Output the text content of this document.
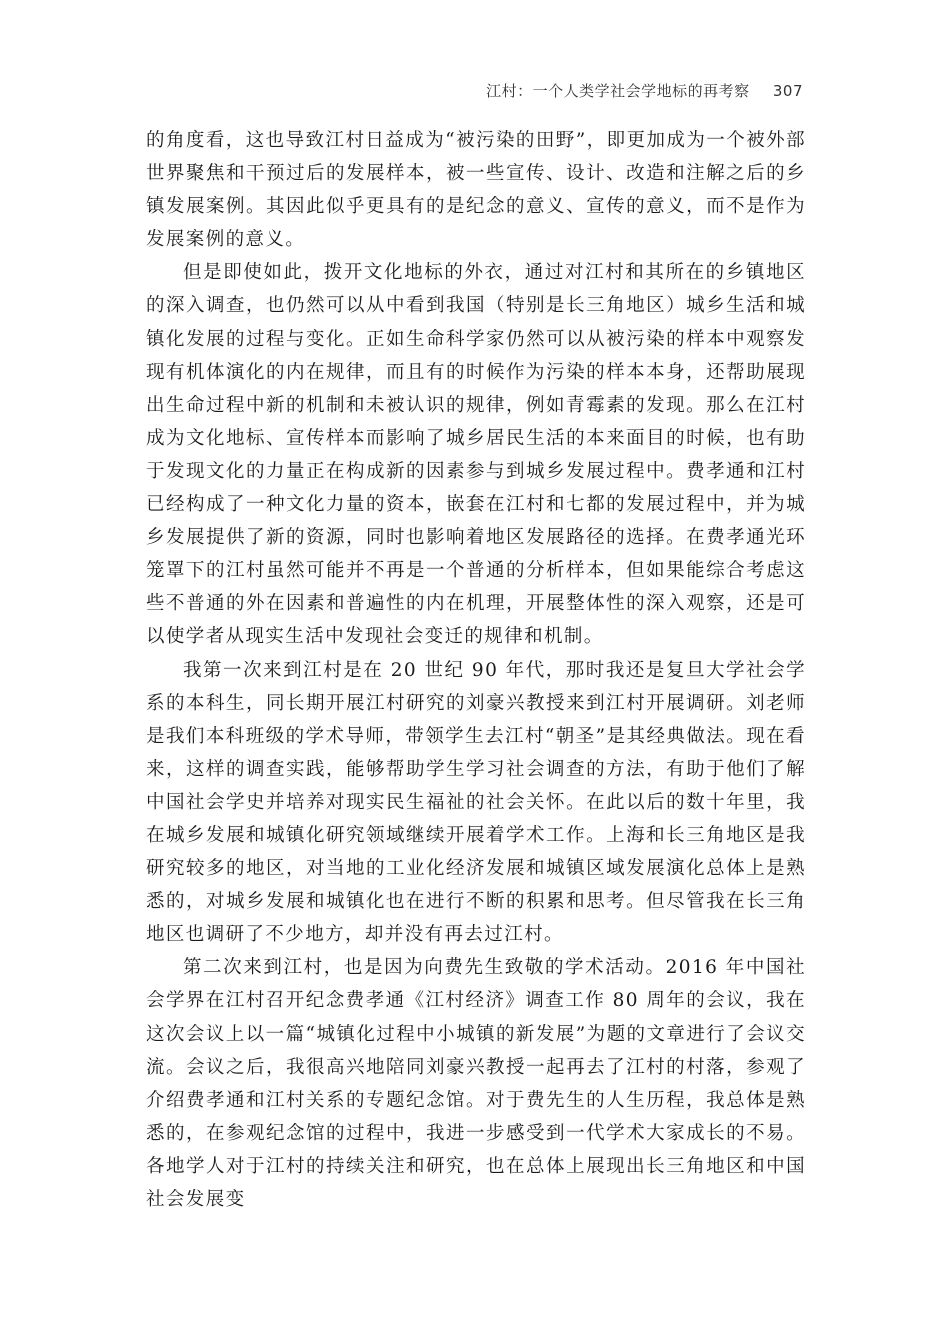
江村：一个人类学社会学地标的再考察 307

的角度看，这也导致江村日益成为“被污染的田野”，即更加成为一个被外部世界聚焦和干预过后的发展样本，被一些宣传、设计、改造和注解之后的乡镇发展案例。其因此似乎更具有的是纪念的意义、宣传的意义，而不是作为发展案例的意义。

但是即使如此，拨开文化地标的外衣，通过对江村和其所在的乡镇地区的深入调查，也仍然可以从中看到我国（特别是长三角地区）城乡生活和城镇化发展的过程与变化。正如生命科学家仍然可以从被污染的样本中观察发现有机体演化的内在规律，而且有的时候作为污染的样本本身，还帮助展现出生命过程中新的机制和未被认识的规律，例如青霉素的发现。那么在江村成为文化地标、宣传样本而影响了城乡居民生活的本来面目的时候，也有助于发现文化的力量正在构成新的因素参与到城乡发展过程中。费孝通和江村已经构成了一种文化力量的资本，嵌套在江村和七都的发展过程中，并为城乡发展提供了新的资源，同时也影响着地区发展路径的选择。在费孝通光环笼罩下的江村虽然可能并不再是一个普通的分析样本，但如果能综合考虑这些不普通的外在因素和普遍性的内在机理，开展整体性的深入观察，还是可以使学者从现实生活中发现社会变迁的规律和机制。

我第一次来到江村是在 20 世纪 90 年代，那时我还是复旦大学社会学系的本科生，同长期开展江村研究的刘豪兴教授来到江村开展调研。刘老师是我们本科班级的学术导师，带领学生去江村“朝圣”是其经典做法。现在看来，这样的调查实践，能够帮助学生学习社会调查的方法，有助于他们了解中国社会学史并培养对现实民生福祉的社会关怀。在此以后的数十年里，我在城乡发展和城镇化研究领域继续开展着学术工作。上海和长三角地区是我研究较多的地区，对当地的工业化经济发展和城镇区域发展演化总体上是熟悉的，对城乡发展和城镇化也在进行不断的积累和思考。但尽管我在长三角地区也调研了不少地方，却并没有再去过江村。

第二次来到江村，也是因为向费先生致敬的学术活动。2016 年中国社会学界在江村召开纪念费孝通《江村经济》调查工作 80 周年的会议，我在这次会议上以一篇“城镇化过程中小城镇的新发展”为题的文章进行了会议交流。会议之后，我很高兴地陪同刘豪兴教授一起再去了江村的村落，参观了介绍费孝通和江村关系的专题纪念馆。对于费先生的人生历程，我总体是熟悉的，在参观纪念馆的过程中，我进一步感受到一代学术大家成长的不易。各地学人对于江村的持续关注和研究，也在总体上展现出长三角地区和中国社会发展变
